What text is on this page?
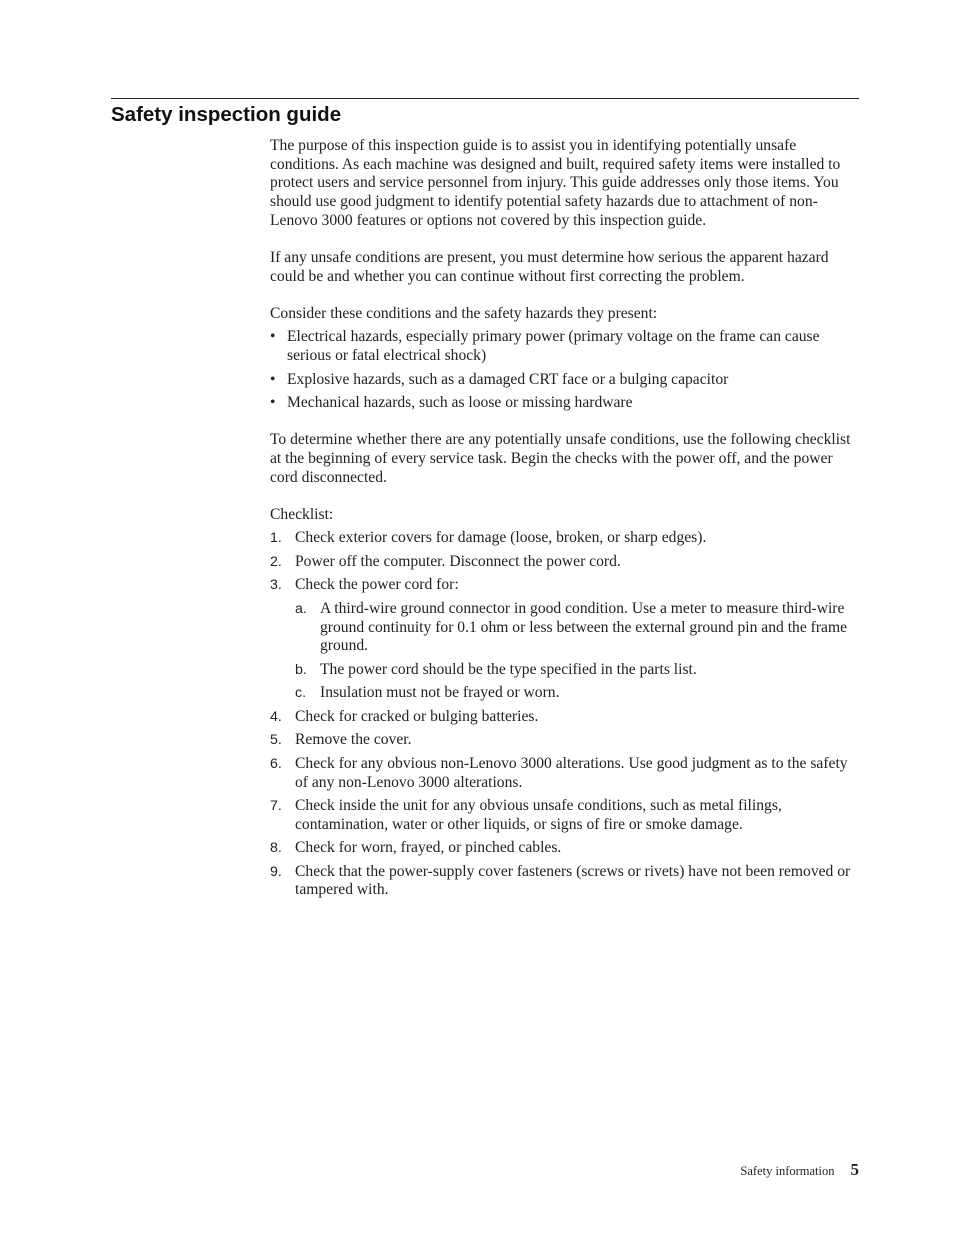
Safety inspection guide

The purpose of this inspection guide is to assist you in identifying potentially unsafe conditions. As each machine was designed and built, required safety items were installed to protect users and service personnel from injury. This guide addresses only those items. You should use good judgment to identify potential safety hazards due to attachment of non-Lenovo 3000 features or options not covered by this inspection guide.

If any unsafe conditions are present, you must determine how serious the apparent hazard could be and whether you can continue without first correcting the problem.

Consider these conditions and the safety hazards they present:

• Electrical hazards, especially primary power (primary voltage on the frame can cause serious or fatal electrical shock)
• Explosive hazards, such as a damaged CRT face or a bulging capacitor
• Mechanical hazards, such as loose or missing hardware

To determine whether there are any potentially unsafe conditions, use the following checklist at the beginning of every service task. Begin the checks with the power off, and the power cord disconnected.

Checklist:

1. Check exterior covers for damage (loose, broken, or sharp edges).
2. Power off the computer. Disconnect the power cord.
3. Check the power cord for:
a. A third-wire ground connector in good condition. Use a meter to measure third-wire ground continuity for 0.1 ohm or less between the external ground pin and the frame ground.
b. The power cord should be the type specified in the parts list.
c. Insulation must not be frayed or worn.
4. Check for cracked or bulging batteries.
5. Remove the cover.
6. Check for any obvious non-Lenovo 3000 alterations. Use good judgment as to the safety of any non-Lenovo 3000 alterations.
7. Check inside the unit for any obvious unsafe conditions, such as metal filings, contamination, water or other liquids, or signs of fire or smoke damage.
8. Check for worn, frayed, or pinched cables.
9. Check that the power-supply cover fasteners (screws or rivets) have not been removed or tampered with.
Safety information 5
